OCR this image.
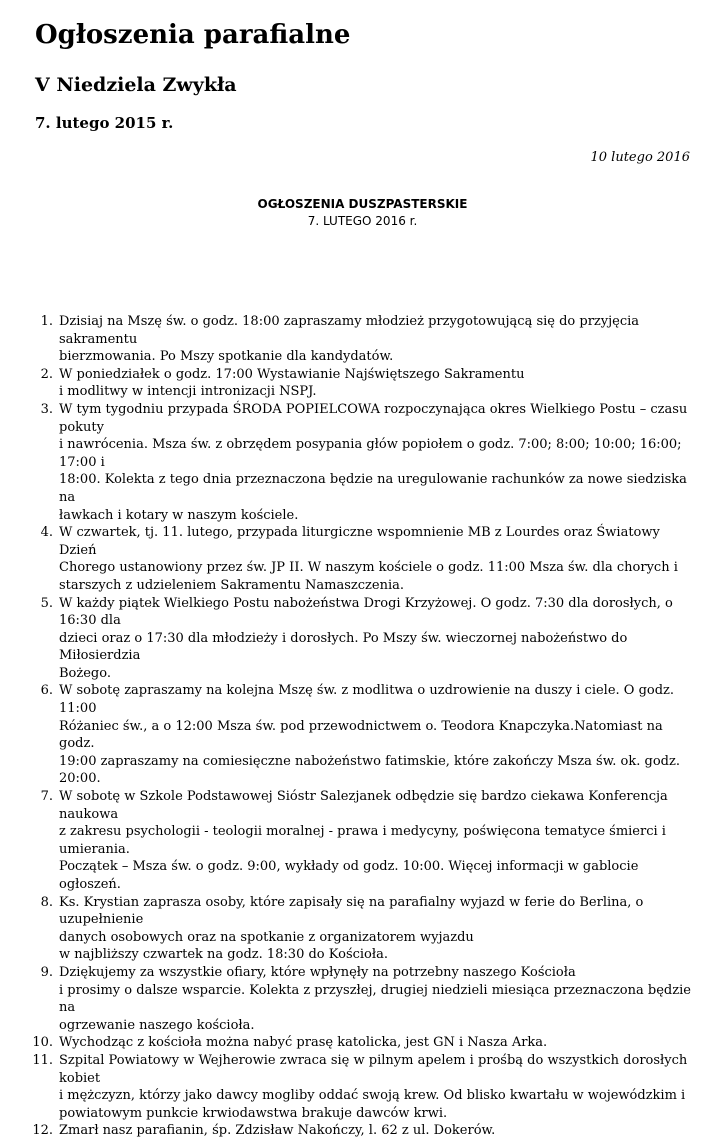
Ogłoszenia parafialne
V Niedziela Zwykła
7. lutego 2015 r.
10 lutego 2016
OGŁOSZENIA DUSZPASTERSKIE
7. LUTEGO 2016 r.
1. Dzisiaj na Mszę św. o godz. 18:00 zapraszamy młodzież przygotowującą się do przyjęcia sakramentu
bierzmowania. Po Mszy spotkanie dla kandydatów.
2. W poniedziałek o godz. 17:00 Wystawianie Najświętszego Sakramentu
i modlitwy w intencji intronizacji NSPJ.
3. W tym tygodniu przypada ŚRODA POPIELCOWA rozpoczynająca okres Wielkiego Postu – czasu pokuty
i nawrócenia. Msza św. z obrzędem posypania głów popiołem o godz. 7:00; 8:00; 10:00; 16:00; 17:00 i
18:00. Kolekta z tego dnia przeznaczona będzie na uregulowanie rachunków za nowe siedziska na
ławkach i kotary w naszym kościele.
4. W czwartek, tj. 11. lutego, przypada liturgiczne wspomnienie MB z Lourdes oraz Światowy Dzień
Chorego ustanowiony przez św. JP II. W naszym kościele o godz. 11:00 Msza św. dla chorych i
starszych z udzieleniem Sakramentu Namaszczenia.
5. W każdy piątek Wielkiego Postu nabożeństwa Drogi Krzyżowej. O godz. 7:30 dla dorosłych, o 16:30 dla
dzieci oraz o 17:30 dla młodzieży i dorosłych. Po Mszy św. wieczornej nabożeństwo do Miłosierdzia
Bożego.
6. W sobotę zapraszamy na kolejna Mszę św. z modlitwa o uzdrowienie na duszy i ciele. O godz. 11:00
Różaniec św., a o 12:00 Msza św. pod przewodnictwem o. Teodora Knapczyka.Natomiast na godz.
19:00 zapraszamy na comiesięczne nabożeństwo fatimskie, które zakończy Msza św. ok. godz. 20:00.
7. W sobotę w Szkole Podstawowej Sióstr Salezjanek odbędzie się bardzo ciekawa Konferencja naukowa
z zakresu psychologii - teologii moralnej - prawa i medycyny, poświęcona tematyce śmierci i umierania.
Początek – Msza św. o godz. 9:00, wykłady od godz. 10:00. Więcej informacji w gablocie ogłoszeń.
8. Ks. Krystian zaprasza osoby, które zapisały się na parafialny wyjazd w ferie do Berlina, o uzupełnienie
danych osobowych oraz na spotkanie z organizatorem wyjazdu
w najbliższy czwartek na godz. 18:30 do Kościoła.
9. Dziękujemy za wszystkie ofiary, które wpłynęły na potrzebny naszego Kościoła
i prosimy o dalsze wsparcie. Kolekta z przyszłej, drugiej niedzieli miesiąca przeznaczona będzie na
ogrzewanie naszego kościoła.
10. Wychodząc z kościoła można nabyć prasę katolicka, jest GN i Nasza Arka.
11. Szpital Powiatowy w Wejherowie zwraca się w pilnym apelem i prośbą do wszystkich dorosłych kobiet
i mężczyzn, którzy jako dawcy mogliby oddać swoją krew. Od blisko kwartału w wojewódzkim i
powiatowym punkcie krwiodawstwa brakuje dawców krwi.
12. Zmarł nasz parafianin, śp. Zdzisław Nakończy, l. 62 z ul. Dokerów.
